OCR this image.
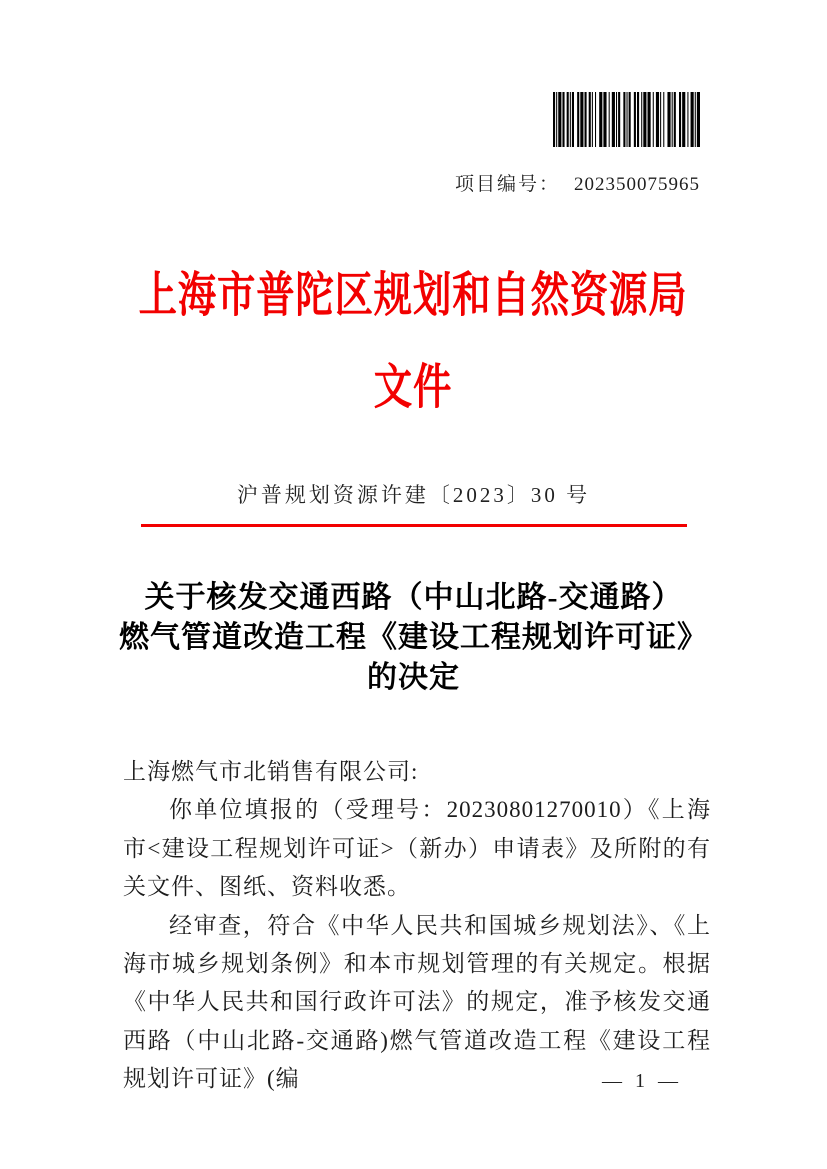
项目编号： 202350075965
上海市普陀区规划和自然资源局
文件
沪普规划资源许建〔2023〕30 号
关于核发交通西路（中山北路-交通路）
燃气管道改造工程《建设工程规划许可证》
的决定

上海燃气市北销售有限公司:

你单位填报的（受理号：20230801270010）《上海市<建设工程规划许可证>（新办）申请表》及所附的有关文件、图纸、资料收悉。

经审查，符合《中华人民共和国城乡规划法》、《上海市城乡规划条例》和本市规划管理的有关规定。根据《中华人民共和国行政许可法》的规定，准予核发交通西路（中山北路-交通路)燃气管道改造工程《建设工程规划许可证》(编	— 1 —
